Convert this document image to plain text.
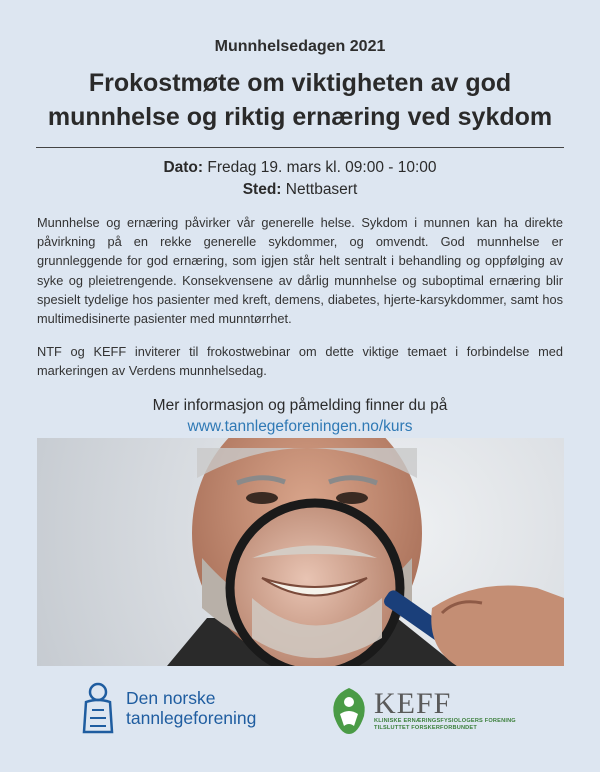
Munnhelsedagen 2021
Frokostmøte om viktigheten av god
munnhelse og riktig ernæring ved sykdom
Dato: Fredag 19. mars kl. 09:00 - 10:00
Sted: Nettbasert

Munnhelse og ernæring påvirker vår generelle helse. Sykdom i munnen kan ha direkte påvirkning på en rekke generelle sykdommer, og omvendt. God munnhelse er grunnleggende for god ernæring, som igjen står helt sentralt i behandling og oppfølging av syke og pleietrengende. Konsekvensene av dårlig munnhelse og suboptimal ernæring blir spesielt tydelige hos pasienter med kreft, demens, diabetes, hjerte-karsykdommer, samt hos multimedisinerte pasienter med munntørrhet.

NTF og KEFF inviterer til frokostwebinar om dette viktige temaet i forbindelse med markeringen av Verdens munnhelsedag.

Mer informasjon og påmelding finner du på
www.tannlegeforeningen.no/kurs
Den norske
tannlegeforening	KEFF
KLINISKE ERNÆRINGSFYSIOLOGERS FORENING
TILSLUTTET FORSKERFORBUNDET
